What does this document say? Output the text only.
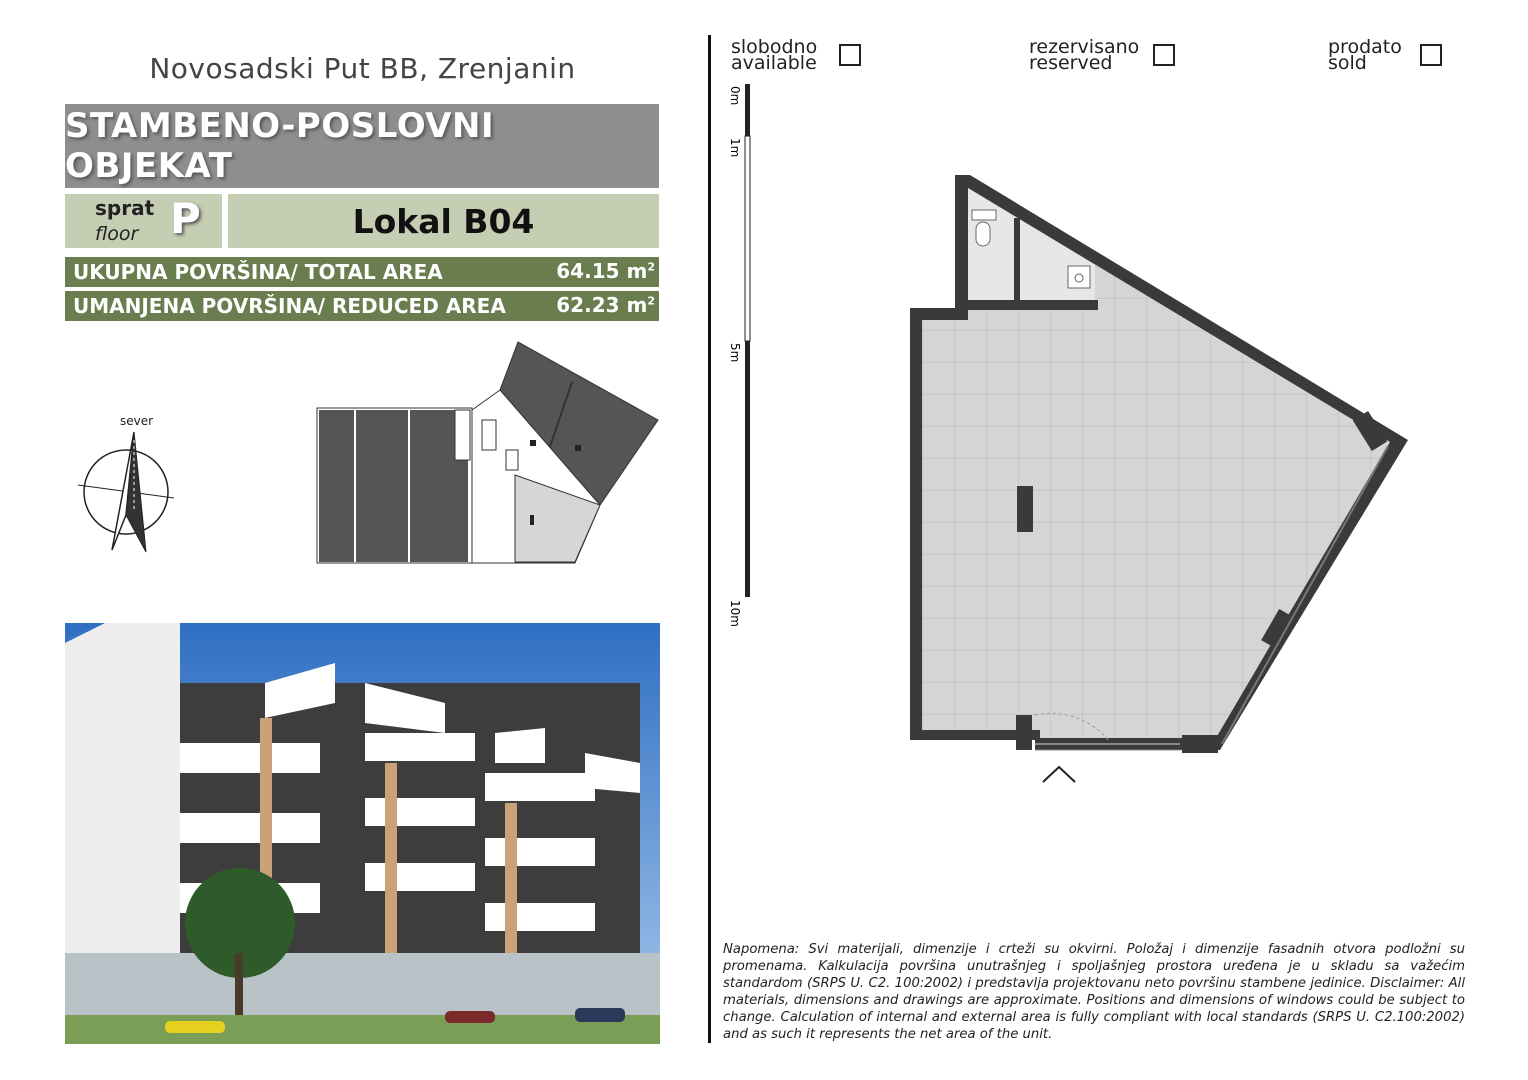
Novosadski Put BB, Zrenjanin
STAMBENO-POSLOVNI OBJEKAT
sprat
floor P	Lokal B04
UKUPNA POVRŠINA/ TOTAL AREA	64.15 $m^2$
UMANJENA POVRŠINA/ REDUCED AREA	62.23 $m^2$
sever
slobodno
available
rezervisano
reserved
prodato
sold
0m
1m
5m
10m
Napomena: Svi materijali, dimenzije i crteži su okvirni. Položaj i dimenzije fasadnih otvora podložni su promenama. Kalkulacija površina unutrašnjeg i spoljašnjeg prostora uređena je u skladu sa važećim standardom (SRPS U. C2. 100:2002) i predstavlja projektovanu neto površinu stambene jedinice. Disclaimer: All materials, dimensions and drawings are approximate. Positions and dimensions of windows could be subject to change. Calculation of internal and external area is fully compliant with local standards (SRPS U. C2.100:2002) and as such it represents the net area of the unit.
